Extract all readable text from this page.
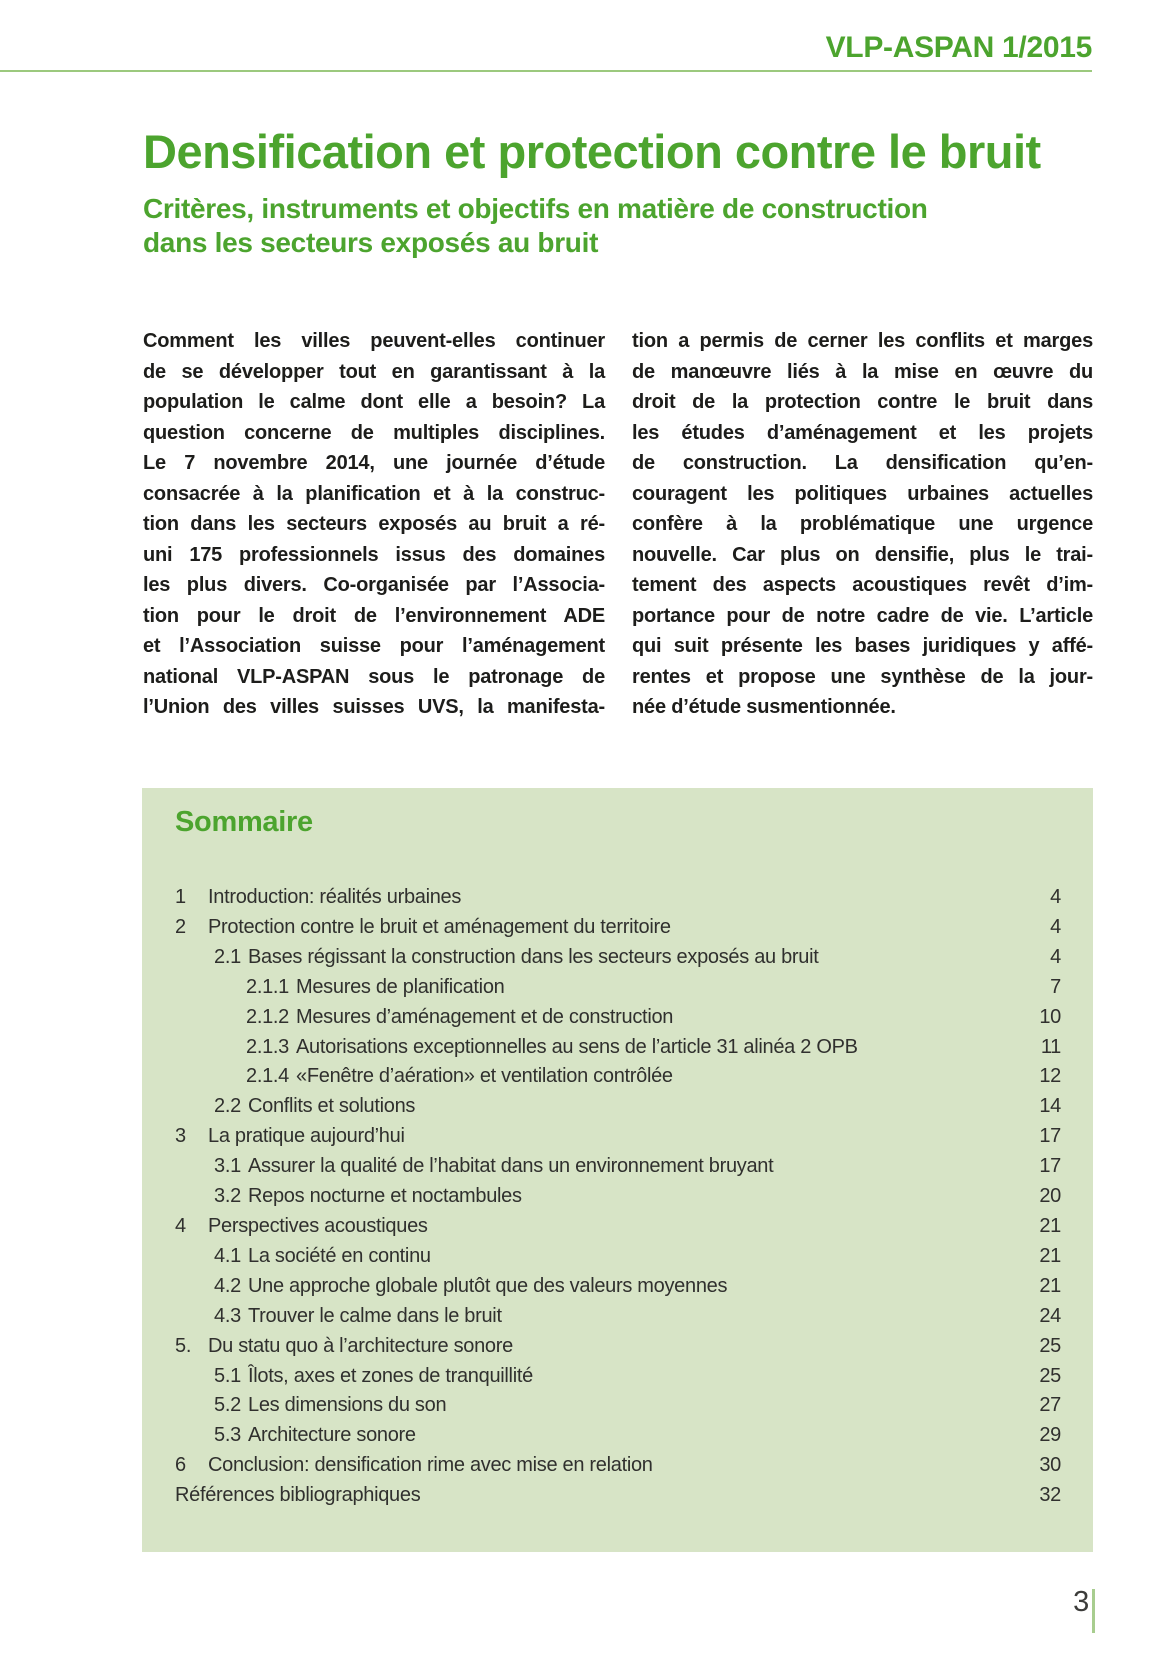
VLP-ASPAN 1/2015
Densification et protection contre le bruit
Critères, instruments et objectifs en matière de construction
dans les secteurs exposés au bruit
Comment les villes peuvent-elles continuer
de se développer tout en garantissant à la
population le calme dont elle a besoin? La
question concerne de multiples disciplines.
Le 7 novembre 2014, une journée d’étude
consacrée à la planification et à la construc-
tion dans les secteurs exposés au bruit a ré-
uni 175 professionnels issus des domaines
les plus divers. Co-organisée par l’Associa-
tion pour le droit de l’environnement ADE
et l’Association suisse pour l’aménagement
national VLP-ASPAN sous le patronage de
l’Union des villes suisses UVS, la manifesta-
tion a permis de cerner les conflits et marges
de manœuvre liés à la mise en œuvre du
droit de la protection contre le bruit dans
les études d’aménagement et les projets
de construction. La densification qu’en-
couragent les politiques urbaines actuelles
confère à la problématique une urgence
nouvelle. Car plus on densifie, plus le trai-
tement des aspects acoustiques revêt d’im-
portance pour de notre cadre de vie. L’article
qui suit présente les bases juridiques y affé-
rentes et propose une synthèse de la jour-
née d’étude susmentionnée.
Sommaire
1	Introduction: réalités urbaines	4
2	Protection contre le bruit et aménagement du territoire	4
2.1 Bases régissant la construction dans les secteurs exposés au bruit	4
2.1.1 Mesures de planification	7
2.1.2 Mesures d’aménagement et de construction	10
2.1.3 Autorisations exceptionnelles au sens de l’article 31 alinéa 2 OPB	11
2.1.4 «Fenêtre d’aération» et ventilation contrôlée	12
2.2 Conflits et solutions	14
3	La pratique aujourd’hui	17
3.1 Assurer la qualité de l’habitat dans un environnement bruyant	17
3.2 Repos nocturne et noctambules	20
4	Perspectives acoustiques	21
4.1 La société en continu	21
4.2 Une approche globale plutôt que des valeurs moyennes	21
4.3 Trouver le calme dans le bruit	24
5. Du statu quo à l’architecture sonore	25
5.1 Îlots, axes et zones de tranquillité	25
5.2 Les dimensions du son	27
5.3 Architecture sonore	29
6	Conclusion: densification rime avec mise en relation	30
Références bibliographiques	32
3
